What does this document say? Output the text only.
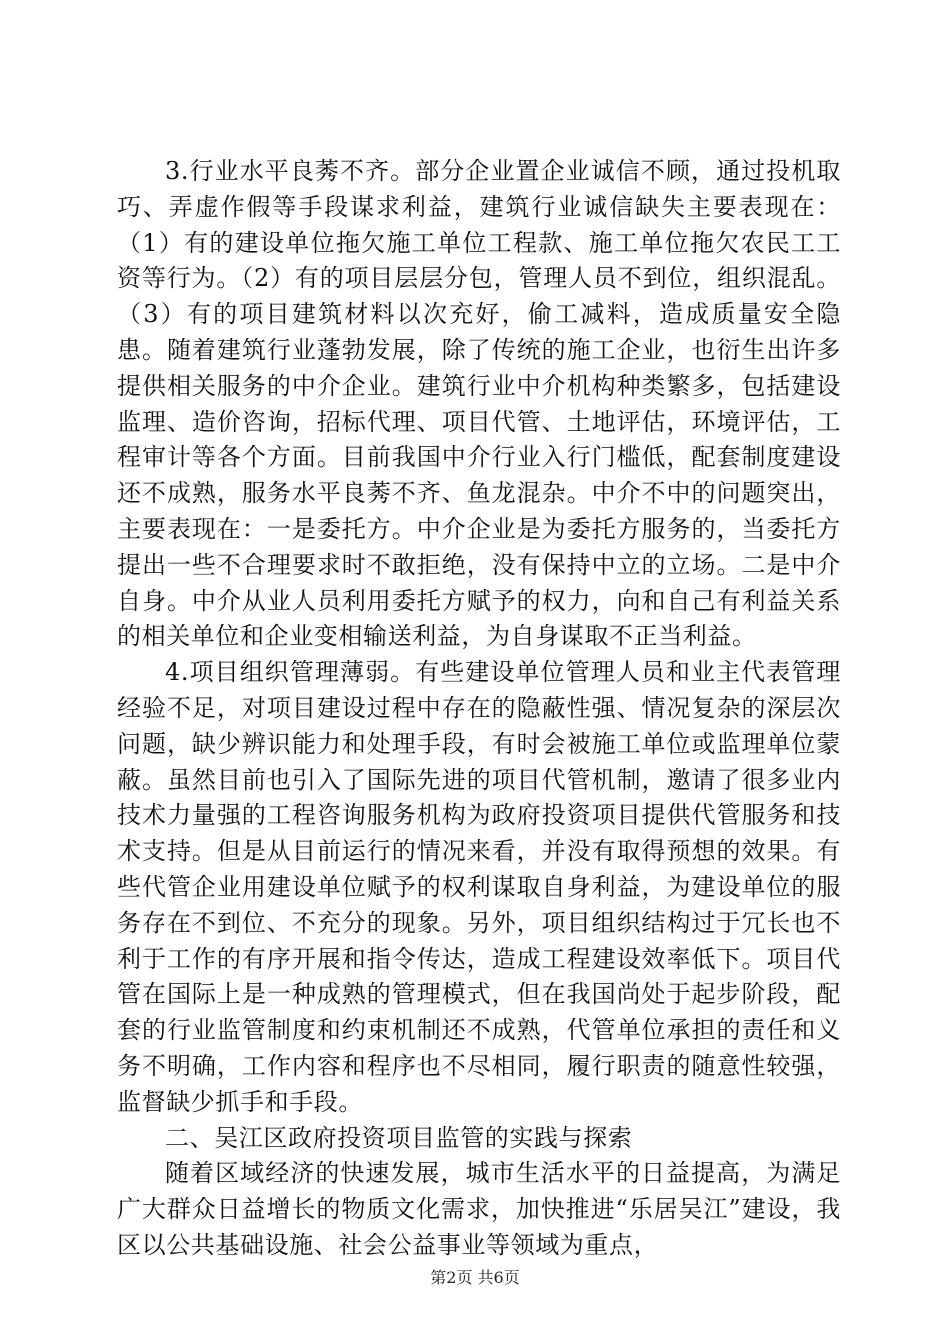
3.行业水平良莠不齐。部分企业置企业诚信不顾，通过投机取巧、弄虚作假等手段谋求利益，建筑行业诚信缺失主要表现在：（1）有的建设单位拖欠施工单位工程款、施工单位拖欠农民工工资等行为。（2）有的项目层层分包，管理人员不到位，组织混乱。（3）有的项目建筑材料以次充好，偷工减料，造成质量安全隐患。随着建筑行业蓬勃发展，除了传统的施工企业，也衍生出许多提供相关服务的中介企业。建筑行业中介机构种类繁多，包括建设监理、造价咨询，招标代理、项目代管、土地评估，环境评估，工程审计等各个方面。目前我国中介行业入行门槛低，配套制度建设还不成熟，服务水平良莠不齐、鱼龙混杂。中介不中的问题突出，主要表现在：一是委托方。中介企业是为委托方服务的，当委托方提出一些不合理要求时不敢拒绝，没有保持中立的立场。二是中介自身。中介从业人员利用委托方赋予的权力，向和自己有利益关系的相关单位和企业变相输送利益，为自身谋取不正当利益。

4.项目组织管理薄弱。有些建设单位管理人员和业主代表管理经验不足，对项目建设过程中存在的隐蔽性强、情况复杂的深层次问题，缺少辨识能力和处理手段，有时会被施工单位或监理单位蒙蔽。虽然目前也引入了国际先进的项目代管机制，邀请了很多业内技术力量强的工程咨询服务机构为政府投资项目提供代管服务和技术支持。但是从目前运行的情况来看，并没有取得预想的效果。有些代管企业用建设单位赋予的权利谋取自身利益，为建设单位的服务存在不到位、不充分的现象。另外，项目组织结构过于冗长也不利于工作的有序开展和指令传达，造成工程建设效率低下。项目代管在国际上是一种成熟的管理模式，但在我国尚处于起步阶段，配套的行业监管制度和约束机制还不成熟，代管单位承担的责任和义务不明确，工作内容和程序也不尽相同，履行职责的随意性较强，监督缺少抓手和手段。

二、吴江区政府投资项目监管的实践与探索

随着区域经济的快速发展，城市生活水平的日益提高，为满足广大群众日益增长的物质文化需求，加快推进“乐居吴江”建设，我区以公共基础设施、社会公益事业等领域为重点，

第2页 共6页
